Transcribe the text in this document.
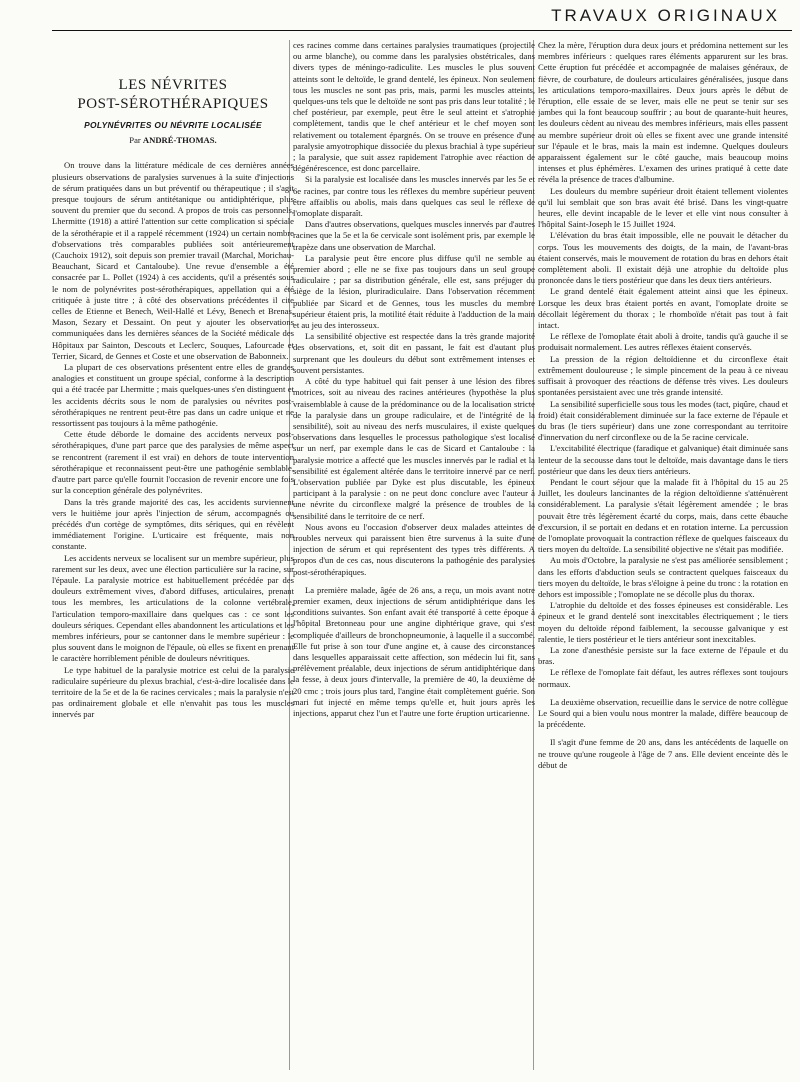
TRAVAUX ORIGINAUX
LES NÉVRITES
POST-SÉROTHÉRAPIQUES
POLYNÉVRITES OU NÉVRITE LOCALISÉE
Par ANDRÉ-THOMAS.

On trouve dans la littérature médicale de ces dernières années plusieurs observations de paralysies survenues à la suite d'injections de sérum pratiquées dans un but préventif ou thérapeutique ; il s'agit presque toujours de sérum antitétanique ou antidiphtérique, plus souvent du premier que du second. A propos de trois cas personnels, Lhermitte (1918) a attiré l'attention sur cette complication si spéciale de la sérothérapie et il a rappelé récemment (1924) un certain nombre d'observations très comparables publiées soit antérieurement (Cauchoix 1912), soit depuis son premier travail (Marchal, Morichau-Beauchant, Sicard et Cantaloube). Une revue d'ensemble a été consacrée par L. Pollet (1924) à ces accidents, qu'il a présentés sous le nom de polynévrites post-sérothérapiques, appellation qui a été critiquée à juste titre ; à côté des observations précédentes il cite celles de Etienne et Benech, Weil-Hallé et Lévy, Benech et Brenas, Mason, Sezary et Dessaint. On peut y ajouter les observations communiquées dans les dernières séances de la Société médicale des Hôpitaux par Sainton, Descouts et Leclerc, Souques, Lafourcade et Terrier, Sicard, de Gennes et Coste et une observation de Babonneix.

La plupart de ces observations présentent entre elles de grandes analogies et constituent un groupe spécial, conforme à la description qui a été tracée par Lhermitte ; mais quelques-unes s'en distinguent et les accidents décrits sous le nom de paralysies ou névrites post-sérothérapiques ne rentrent peut-être pas dans un cadre unique et ne ressortissent pas toujours à la même pathogénie.

Cette étude déborde le domaine des accidents nerveux post-sérothérapiques, d'une part parce que des paralysies de même aspect se rencontrent (rarement il est vrai) en dehors de toute intervention sérothérapique et reconnaissent peut-être une pathogénie semblable, d'autre part parce qu'elle fournit l'occasion de revenir encore une fois sur la conception générale des polynévrites.

Dans la très grande majorité des cas, les accidents surviennent vers le huitième jour après l'injection de sérum, accompagnés ou précédés d'un cortège de symptômes, dits sériques, qui en révèlent immédiatement l'origine. L'urticaire est fréquente, mais non constante.

Les accidents nerveux se localisent sur un membre supérieur, plus rarement sur les deux, avec une élection particulière sur la racine, sur l'épaule. La paralysie motrice est habituellement précédée par des douleurs extrêmement vives, d'abord diffuses, articulaires, prenant tous les membres, les articulations de la colonne vertébrale, l'articulation temporo-maxillaire dans quelques cas : ce sont les douleurs sériques. Cependant elles abandonnent les articulations et les membres inférieurs, pour se cantonner dans le membre supérieur : le plus souvent dans le moignon de l'épaule, où elles se fixent en prenant le caractère horriblement pénible de douleurs névritiques.

Le type habituel de la paralysie motrice est celui de la paralysie radiculaire supérieure du plexus brachial, c'est-à-dire localisée dans le territoire de la 5e et de la 6e racines cervicales ; mais la paralysie n'est pas ordinairement globale et elle n'envahit pas tous les muscles innervés par

ces racines comme dans certaines paralysies traumatiques (projectile ou arme blanche), ou comme dans les paralysies obstétricales, dans divers types de méningo-radiculite. Les muscles le plus souvent atteints sont le deltoïde, le grand dentelé, les épineux. Non seulement tous les muscles ne sont pas pris, mais, parmi les muscles atteints, quelques-uns tels que le deltoïde ne sont pas pris dans leur totalité ; le chef postérieur, par exemple, peut être le seul atteint et s'atrophie complètement, tandis que le chef antérieur et le chef moyen sont relativement ou totalement épargnés. On se trouve en présence d'une paralysie amyotrophique dissociée du plexus brachial à type supérieur ; la paralysie, que suit assez rapidement l'atrophie avec réaction de dégénérescence, est donc parcellaire.

Si la paralysie est localisée dans les muscles innervés par les 5e et 6e racines, par contre tous les réflexes du membre supérieur peuvent être affaiblis ou abolis, mais dans quelques cas seul le réflexe de l'omoplate disparaît.

Dans d'autres observations, quelques muscles innervés par d'autres racines que la 5e et la 6e cervicale sont isolément pris, par exemple le trapèze dans une observation de Marchal.

La paralysie peut être encore plus diffuse qu'il ne semble au premier abord ; elle ne se fixe pas toujours dans un seul groupe radiculaire ; par sa distribution générale, elle est, sans préjuger du siège de la lésion, pluriradiculaire. Dans l'observation récemment publiée par Sicard et de Gennes, tous les muscles du membre supérieur étaient pris, la motilité était réduite à l'adduction de la main et au jeu des interosseux.

La sensibilité objective est respectée dans la très grande majorité des observations, et, soit dit en passant, le fait est d'autant plus surprenant que les douleurs du début sont extrêmement intenses et souvent persistantes.

A côté du type habituel qui fait penser à une lésion des fibres motrices, soit au niveau des racines antérieures (hypothèse la plus vraisemblable à cause de la prédominance ou de la localisation stricte de la paralysie dans un groupe radiculaire, et de l'intégrité de la sensibilité), soit au niveau des nerfs musculaires, il existe quelques observations dans lesquelles le processus pathologique s'est localisé sur un nerf, par exemple dans le cas de Sicard et Cantaloube : la paralysie motrice a affecté que les muscles innervés par le radial et la sensibilité est également altérée dans le territoire innervé par ce nerf. L'observation publiée par Dyke est plus discutable, les épineux participant à la paralysie : on ne peut donc conclure avec l'auteur à une névrite du circonflexe malgré la présence de troubles de la sensibilité dans le territoire de ce nerf.

Nous avons eu l'occasion d'observer deux malades atteintes de troubles nerveux qui paraissent bien être survenus à la suite d'une injection de sérum et qui représentent des types très différents. A propos d'un de ces cas, nous discuterons la pathogénie des paralysies post-sérothérapiques.

La première malade, âgée de 26 ans, a reçu, un mois avant notre premier examen, deux injections de sérum antidiphtérique dans les conditions suivantes. Son enfant avait été transporté à cette époque à l'hôpital Bretonneau pour une angine diphtérique grave, qui s'est compliquée d'ailleurs de bronchopneumonie, à laquelle il a succombé. Elle fut prise à son tour d'une angine et, à cause des circonstances dans lesquelles apparaissait cette affection, son médecin lui fit, sans prélèvement préalable, deux injections de sérum antidiphtérique dans la fesse, à deux jours d'intervalle, la première de 40, la deuxième de 20 cmc ; trois jours plus tard, l'angine était complètement guérie. Son mari fut injecté en même temps qu'elle et, huit jours après les injections, apparut chez l'un et l'autre une forte éruption urticarienne.

Chez la mère, l'éruption dura deux jours et prédomina nettement sur les membres inférieurs : quelques rares éléments apparurent sur les bras. Cette éruption fut précédée et accompagnée de malaises généraux, de fièvre, de courbature, de douleurs articulaires généralisées, jusque dans les articulations temporo-maxillaires. Deux jours après le début de l'éruption, elle essaie de se lever, mais elle ne peut se tenir sur ses jambes qui la font beaucoup souffrir ; au bout de quarante-huit heures, les douleurs cèdent au niveau des membres inférieurs, mais elles passent au membre supérieur droit où elles se fixent avec une grande intensité sur l'épaule et le bras, mais la main est indemne. Quelques douleurs apparaissent également sur le côté gauche, mais beaucoup moins intenses et plus éphémères. L'examen des urines pratiqué à cette date révéla la présence de traces d'albumine.

Les douleurs du membre supérieur droit étaient tellement violentes qu'il lui semblait que son bras avait été brisé. Dans les vingt-quatre heures, elle devint incapable de le lever et elle vint nous consulter à l'hôpital Saint-Joseph le 15 Juillet 1924.

L'élévation du bras était impossible, elle ne pouvait le détacher du corps. Tous les mouvements des doigts, de la main, de l'avant-bras étaient conservés, mais le mouvement de rotation du bras en dehors était complètement aboli. Il existait déjà une atrophie du deltoïde plus prononcée dans le tiers postérieur que dans les deux tiers antérieurs.

Le grand dentelé était également atteint ainsi que les épineux. Lorsque les deux bras étaient portés en avant, l'omoplate droite se décollait légèrement du thorax ; le rhomboïde n'était pas tout à fait intact.

Le réflexe de l'omoplate était aboli à droite, tandis qu'à gauche il se produisait normalement. Les autres réflexes étaient conservés.

La pression de la région deltoïdienne et du circonflexe était extrêmement douloureuse ; le simple pincement de la peau à ce niveau suffisait à provoquer des réactions de défense très vives. Les douleurs spontanées persistaient avec une très grande intensité.

La sensibilité superficielle sous tous les modes (tact, piqûre, chaud et froid) était considérablement diminuée sur la face externe de l'épaule et du bras (le tiers supérieur) dans une zone correspondant au territoire d'innervation du nerf circonflexe ou de la 5e racine cervicale.

L'excitabilité électrique (faradique et galvanique) était diminuée sans lenteur de la secousse dans tout le deltoïde, mais davantage dans le tiers postérieur que dans les deux tiers antérieurs.

Pendant le court séjour que la malade fit à l'hôpital du 15 au 25 Juillet, les douleurs lancinantes de la région deltoïdienne s'atténuèrent considérablement. La paralysie s'était légèrement amendée ; le bras pouvait être très légèrement écarté du corps, mais, dans cette ébauche d'excursion, il se portait en dedans et en rotation interne. La percussion de l'omoplate provoquait la contraction réflexe de quelques faisceaux du tiers moyen du deltoïde. La sensibilité objective ne s'était pas modifiée.

Au mois d'Octobre, la paralysie ne s'est pas améliorée sensiblement ; dans les efforts d'abduction seuls se contractent quelques faisceaux du tiers moyen du deltoïde, le bras s'éloigne à peine du tronc : la rotation en dehors est impossible ; l'omoplate ne se décolle plus du thorax.

L'atrophie du deltoïde et des fosses épineuses est considérable. Les épineux et le grand dentelé sont inexcitables électriquement ; le tiers moyen du deltoïde répond faiblement, la secousse galvanique y est ralentie, le tiers postérieur et le tiers antérieur sont inexcitables.

La zone d'anesthésie persiste sur la face externe de l'épaule et du bras.

Le réflexe de l'omoplate fait défaut, les autres réflexes sont toujours normaux.

La deuxième observation, recueillie dans le service de notre collègue Le Sourd qui a bien voulu nous montrer la malade, diffère beaucoup de la précédente.

Il s'agit d'une femme de 20 ans, dans les antécédents de laquelle on ne trouve qu'une rougeole à l'âge de 7 ans. Elle devient enceinte dès le début de
